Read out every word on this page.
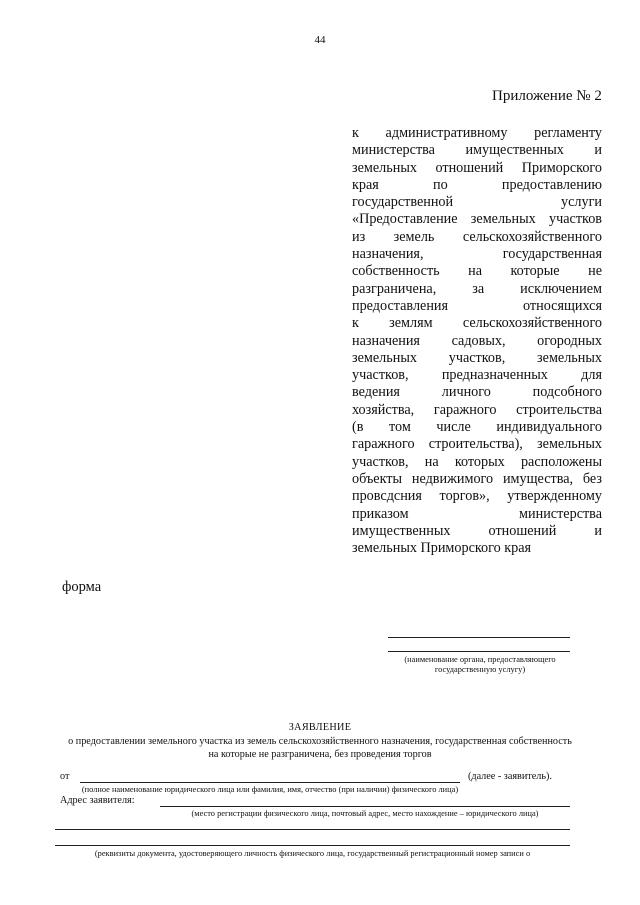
44
Приложение № 2
к административному регламенту
министерства имущественных и
земельных отношений Приморского
края по предоставлению
государственной услуги
«Предоставление земельных участков
из земель сельскохозяйственного
назначения, государственная
собственность на которые не
разграничена, за исключением
предоставления относящихся
к землям сельскохозяйственного
назначения садовых, огородных
земельных участков, земельных
участков, предназначенных для
ведения личного подсобного
хозяйства, гаражного строительства
(в том числе индивидуального
гаражного строительства), земельных
участков, на которых расположены
объекты недвижимого имущества, без
провсдсния торгов», утвержденному
приказом министерства
имущественных отношений и
земельных Приморского края
форма
(наименование органа, предоставляющего
государственную услугу)
ЗАЯВЛЕНИЕ
о предоставлении земельного участка из земель сельскохозяйственного назначения, государственная собственность
на которые не разграничена, без проведения торгов
от	(далее - заявитель).
(полное наименование юридического лица или фамилия, имя, отчество (при наличии) физического лица)
Адрес заявителя:
(место регистрации физического лица, почтовый адрес, место нахождение – юридического лица)
(реквизиты документа, удостоверяющего личность физического лица, государственный регистрационный номер записи о
